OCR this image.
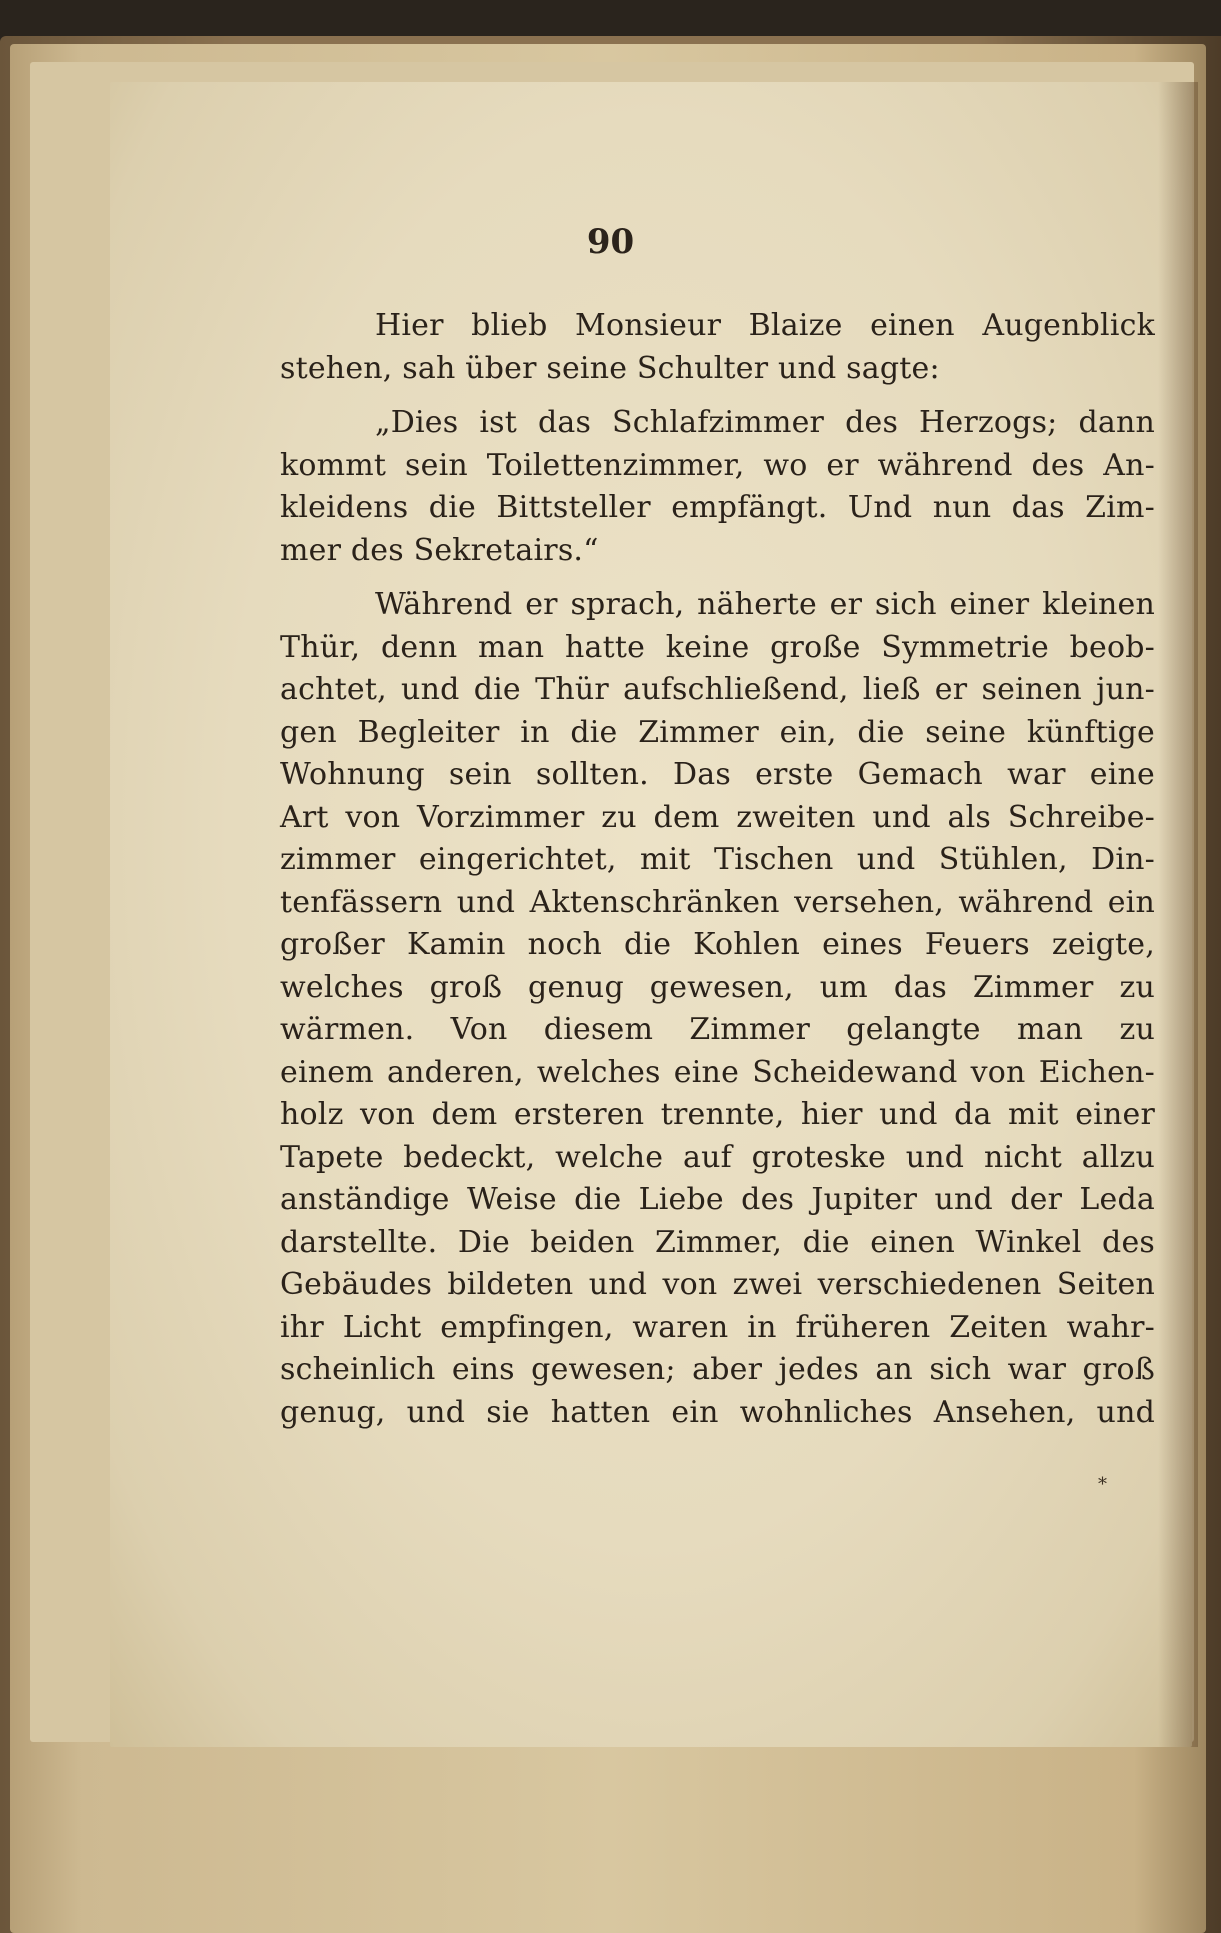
90
Hier blieb Monsieur Blaize einen Augenblick
stehen, sah über seine Schulter und sagte:
„Dies ist das Schlafzimmer des Herzogs; dann
kommt sein Toilettenzimmer, wo er während des An-
kleidens die Bittsteller empfängt. Und nun das Zim-
mer des Sekretairs.“
Während er sprach, näherte er sich einer kleinen
Thür, denn man hatte keine große Symmetrie beob-
achtet, und die Thür aufschließend, ließ er seinen jun-
gen Begleiter in die Zimmer ein, die seine künftige
Wohnung sein sollten. Das erste Gemach war eine
Art von Vorzimmer zu dem zweiten und als Schreibe-
zimmer eingerichtet, mit Tischen und Stühlen, Din-
tenfässern und Aktenschränken versehen, während ein
großer Kamin noch die Kohlen eines Feuers zeigte,
welches groß genug gewesen, um das Zimmer zu
wärmen. Von diesem Zimmer gelangte man zu
einem anderen, welches eine Scheidewand von Eichen-
holz von dem ersteren trennte, hier und da mit einer
Tapete bedeckt, welche auf groteske und nicht allzu
anständige Weise die Liebe des Jupiter und der Leda
darstellte. Die beiden Zimmer, die einen Winkel des
Gebäudes bildeten und von zwei verschiedenen Seiten
ihr Licht empfingen, waren in früheren Zeiten wahr-
scheinlich eins gewesen; aber jedes an sich war groß
genug, und sie hatten ein wohnliches Ansehen, und
*
